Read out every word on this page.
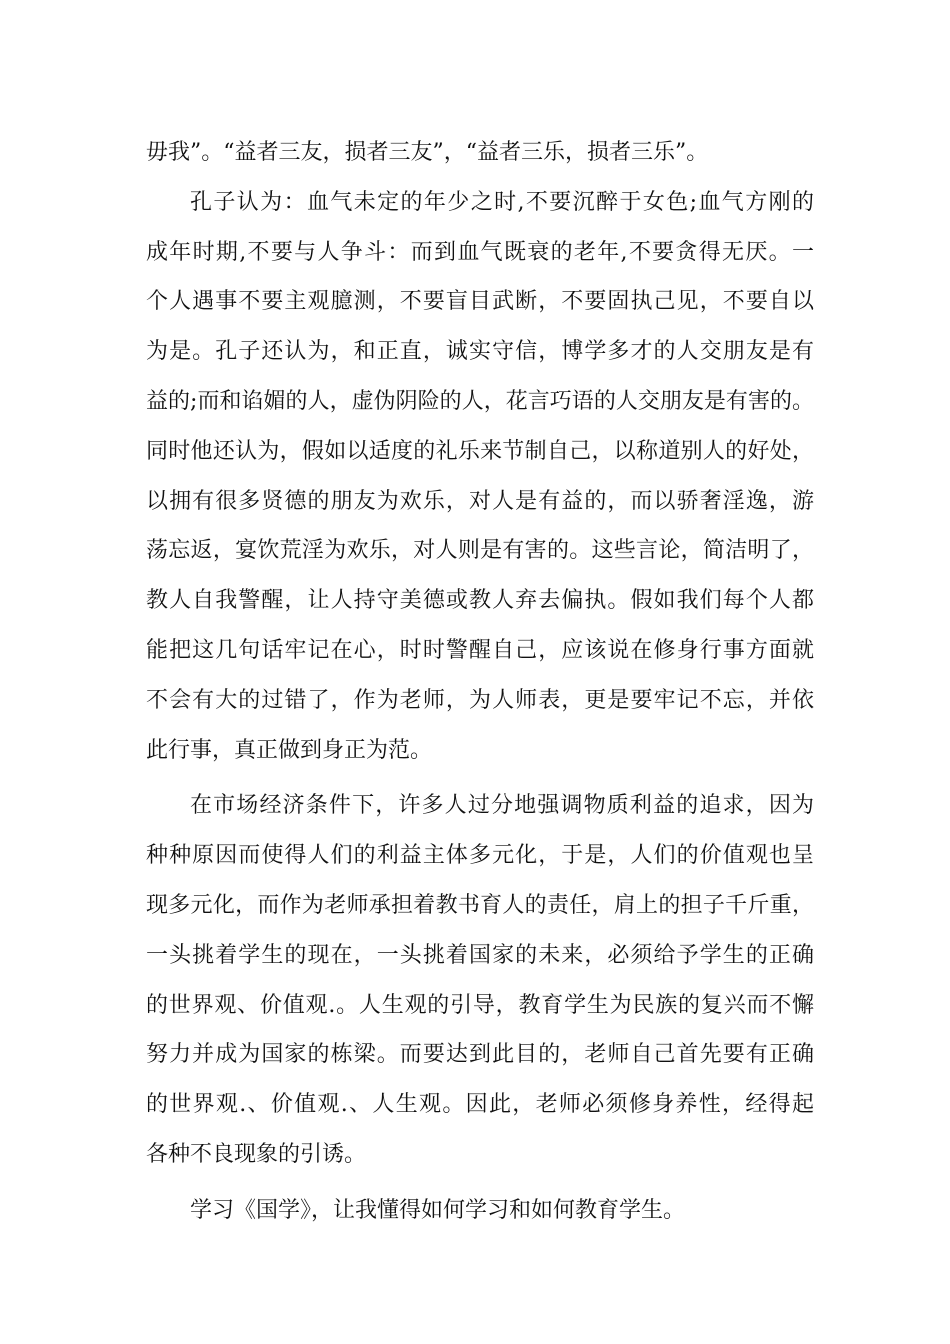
毋我”。“益者三友，损者三友”，“益者三乐，损者三乐”。
孔子认为：血气未定的年少之时,不要沉醉于女色;血气方刚的
成年时期,不要与人争斗：而到血气既衰的老年,不要贪得无厌。一
个人遇事不要主观臆测，不要盲目武断，不要固执己见，不要自以
为是。孔子还认为，和正直，诚实守信，博学多才的人交朋友是有
益的;而和谄媚的人，虚伪阴险的人，花言巧语的人交朋友是有害的。
同时他还认为，假如以适度的礼乐来节制自己，以称道别人的好处，
以拥有很多贤德的朋友为欢乐，对人是有益的，而以骄奢淫逸，游
荡忘返，宴饮荒淫为欢乐，对人则是有害的。这些言论，简洁明了，
教人自我警醒，让人持守美德或教人弃去偏执。假如我们每个人都
能把这几句话牢记在心，时时警醒自己，应该说在修身行事方面就
不会有大的过错了，作为老师，为人师表，更是要牢记不忘，并依
此行事，真正做到身正为范。
在市场经济条件下，许多人过分地强调物质利益的追求，因为
种种原因而使得人们的利益主体多元化，于是，人们的价值观也呈
现多元化，而作为老师承担着教书育人的责任，肩上的担子千斤重，
一头挑着学生的现在，一头挑着国家的未来，必须给予学生的正确
的世界观、价值观.。人生观的引导，教育学生为民族的复兴而不懈
努力并成为国家的栋梁。而要达到此目的，老师自己首先要有正确
的世界观.、价值观.、人生观。因此，老师必须修身养性，经得起
各种不良现象的引诱。
学习《国学》，让我懂得如何学习和如何教育学生。
